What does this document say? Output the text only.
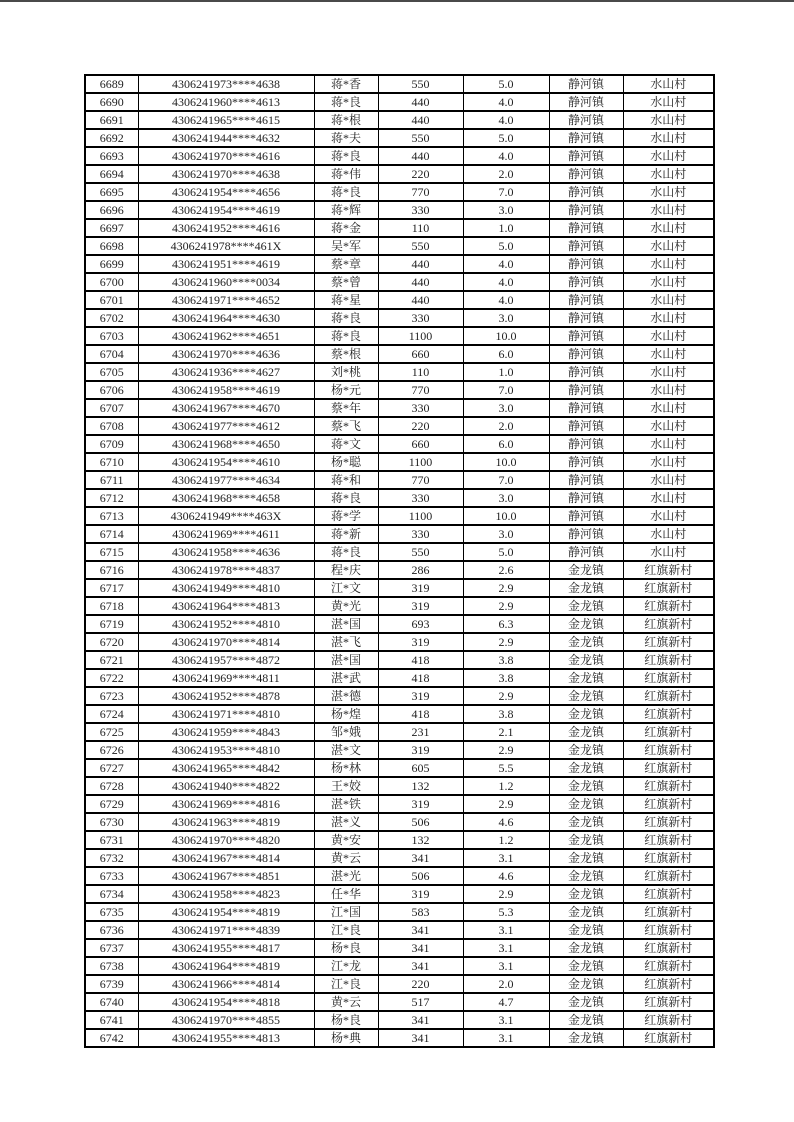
6689	4306241973****4638	蒋*香	550	5.0	静河镇	水山村
6690	4306241960****4613	蒋*良	440	4.0	静河镇	水山村
6691	4306241965****4615	蒋*根	440	4.0	静河镇	水山村
6692	4306241944****4632	蒋*夫	550	5.0	静河镇	水山村
6693	4306241970****4616	蒋*良	440	4.0	静河镇	水山村
6694	4306241970****4638	蒋*伟	220	2.0	静河镇	水山村
6695	4306241954****4656	蒋*良	770	7.0	静河镇	水山村
6696	4306241954****4619	蒋*辉	330	3.0	静河镇	水山村
6697	4306241952****4616	蒋*金	110	1.0	静河镇	水山村
6698	4306241978****461X	吴*军	550	5.0	静河镇	水山村
6699	4306241951****4619	蔡*章	440	4.0	静河镇	水山村
6700	4306241960****0034	蔡*曾	440	4.0	静河镇	水山村
6701	4306241971****4652	蒋*星	440	4.0	静河镇	水山村
6702	4306241964****4630	蒋*良	330	3.0	静河镇	水山村
6703	4306241962****4651	蒋*良	1100	10.0	静河镇	水山村
6704	4306241970****4636	蔡*根	660	6.0	静河镇	水山村
6705	4306241936****4627	刘*桃	110	1.0	静河镇	水山村
6706	4306241958****4619	杨*元	770	7.0	静河镇	水山村
6707	4306241967****4670	蔡*年	330	3.0	静河镇	水山村
6708	4306241977****4612	蔡*飞	220	2.0	静河镇	水山村
6709	4306241968****4650	蒋*文	660	6.0	静河镇	水山村
6710	4306241954****4610	杨*聪	1100	10.0	静河镇	水山村
6711	4306241977****4634	蒋*和	770	7.0	静河镇	水山村
6712	4306241968****4658	蒋*良	330	3.0	静河镇	水山村
6713	4306241949****463X	蒋*学	1100	10.0	静河镇	水山村
6714	4306241969****4611	蒋*新	330	3.0	静河镇	水山村
6715	4306241958****4636	蒋*良	550	5.0	静河镇	水山村
6716	4306241978****4837	程*庆	286	2.6	金龙镇	红旗新村
6717	4306241949****4810	江*文	319	2.9	金龙镇	红旗新村
6718	4306241964****4813	黄*光	319	2.9	金龙镇	红旗新村
6719	4306241952****4810	湛*国	693	6.3	金龙镇	红旗新村
6720	4306241970****4814	湛*飞	319	2.9	金龙镇	红旗新村
6721	4306241957****4872	湛*国	418	3.8	金龙镇	红旗新村
6722	4306241969****4811	湛*武	418	3.8	金龙镇	红旗新村
6723	4306241952****4878	湛*德	319	2.9	金龙镇	红旗新村
6724	4306241971****4810	杨*煌	418	3.8	金龙镇	红旗新村
6725	4306241959****4843	邹*娥	231	2.1	金龙镇	红旗新村
6726	4306241953****4810	湛*文	319	2.9	金龙镇	红旗新村
6727	4306241965****4842	杨*林	605	5.5	金龙镇	红旗新村
6728	4306241940****4822	王*姣	132	1.2	金龙镇	红旗新村
6729	4306241969****4816	湛*铁	319	2.9	金龙镇	红旗新村
6730	4306241963****4819	湛*义	506	4.6	金龙镇	红旗新村
6731	4306241970****4820	黄*安	132	1.2	金龙镇	红旗新村
6732	4306241967****4814	黄*云	341	3.1	金龙镇	红旗新村
6733	4306241967****4851	湛*光	506	4.6	金龙镇	红旗新村
6734	4306241958****4823	任*华	319	2.9	金龙镇	红旗新村
6735	4306241954****4819	江*国	583	5.3	金龙镇	红旗新村
6736	4306241971****4839	江*良	341	3.1	金龙镇	红旗新村
6737	4306241955****4817	杨*良	341	3.1	金龙镇	红旗新村
6738	4306241964****4819	江*龙	341	3.1	金龙镇	红旗新村
6739	4306241966****4814	江*良	220	2.0	金龙镇	红旗新村
6740	4306241954****4818	黄*云	517	4.7	金龙镇	红旗新村
6741	4306241970****4855	杨*良	341	3.1	金龙镇	红旗新村
6742	4306241955****4813	杨*典	341	3.1	金龙镇	红旗新村
